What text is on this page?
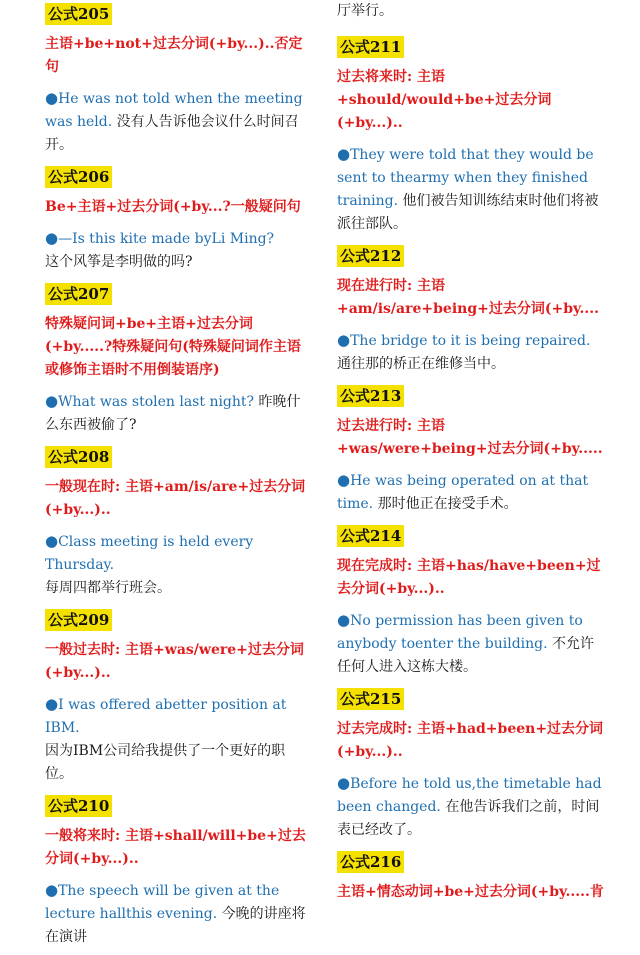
公式205
主语+be+not+过去分词(+by...)..否定句
●He was not told when the meeting was held. 没有人告诉他会议什么时间召开。
公式206
Be+主语+过去分词(+by...?一般疑问句
●—Is this kite made byLi Ming?
这个风筝是李明做的吗?
公式207
特殊疑问词+be+主语+过去分词(+by.....?特殊疑问句(特殊疑问词作主语或修饰主语时不用倒装语序)
●What was stolen last night? 昨晚什么东西被偷了?
公式208
一般现在时: 主语+am/is/are+过去分词(+by...)..
●Class meeting is held every Thursday.
每周四都举行班会。
公式209
一般过去时: 主语+was/were+过去分词(+by...)..
●I was offered abetter position at IBM.
因为IBM公司给我提供了一个更好的职位。
公式210
一般将来时: 主语+shall/will+be+过去分词(+by...)..
●The speech will be given at the lecture hallthis evening. 今晚的讲座将在演讲
厅举行。
公式211
过去将来时: 主语+should/would+be+过去分词(+by...)..
●They were told that they would be sent to thearmy when they finished training. 他们被告知训练结束时他们将被派往部队。
公式212
现在进行时: 主语+am/is/are+being+过去分词(+by....
●The bridge to it is being repaired. 通往那的桥正在维修当中。
公式213
过去进行时: 主语+was/were+being+过去分词(+by.....
●He was being operated on at that time. 那时他正在接受手术。
公式214
现在完成时: 主语+has/have+been+过去分词(+by...)..
●No permission has been given to anybody toenter the building. 不允许任何人进入这栋大楼。
公式215
过去完成时: 主语+had+been+过去分词(+by...)..
●Before he told us,the timetable had been changed. 在他告诉我们之前，时间表已经改了。
公式216
主语+情态动词+be+过去分词(+by.....肯
